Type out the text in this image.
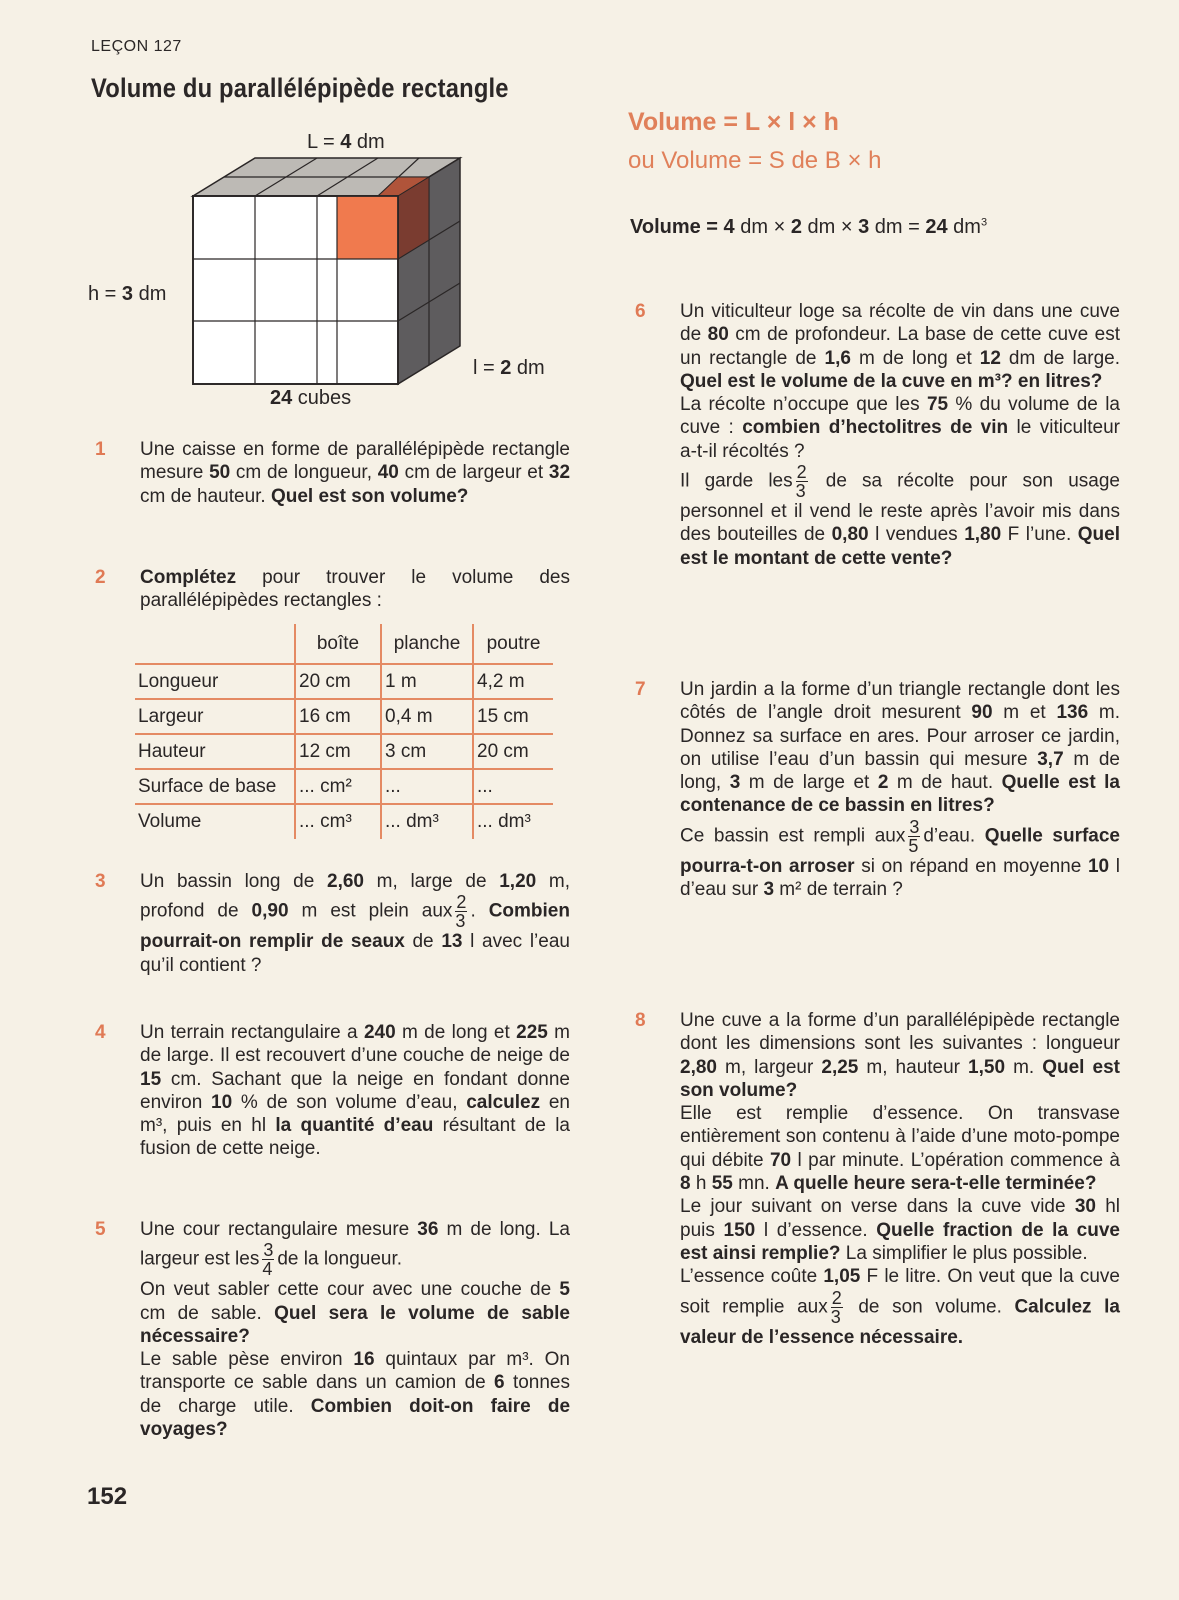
LEÇON 127
Volume du parallélépipède rectangle
L = 4 dm
h = 3 dm
l = 2 dm
24 cubes
Volume = L × l × h
ou Volume = S de B × h
Volume = 4 dm × 2 dm × 3 dm = 24 $dm^3$
1 Une caisse en forme de parallélépipède rectangle mesure 50 cm de longueur, 40 cm de largeur et 32 cm de hauteur. Quel est son volume?

2 Complétez pour trouver le volume des parallélépipèdes rectangles :

	boîte	planche	poutre
Longueur	20 cm	1 m	4,2 m
Largeur	16 cm	0,4 m	15 cm
Hauteur	12 cm	3 cm	20 cm
Surface de base	... cm²	...	...
Volume	... cm³	... dm³	... dm³
3 Un bassin long de 2,60 m, large de 1,20 m, profond de 0,90 m est plein aux $\frac{2}{3}$ . Combien pourrait-on remplir de seaux de 13 l avec l’eau qu’il contient ?

4 Un terrain rectangulaire a 240 m de long et 225 m de large. Il est recouvert d’une couche de neige de 15 cm. Sachant que la neige en fondant donne environ 10 % de son volume d’eau, calculez en m³, puis en hl la quantité d’eau résultant de la fusion de cette neige.

5 Une cour rectangulaire mesure 36 m de long. La largeur est les $\frac{3}{4}$ de la longueur.

On veut sabler cette cour avec une couche de 5 cm de sable. Quel sera le volume de sable nécessaire?

Le sable pèse environ 16 quintaux par m³. On transporte ce sable dans un camion de 6 tonnes de charge utile. Combien doit-on faire de voyages?

6 Un viticulteur loge sa récolte de vin dans une cuve de 80 cm de profondeur. La base de cette cuve est un rectangle de 1,6 m de long et 12 dm de large. Quel est le volume de la cuve en m³? en litres?

La récolte n’occupe que les 75 % du volume de la cuve : combien d’hectolitres de vin le viticulteur a-t-il récoltés ?

Il garde les $\frac{2}{3}$ de sa récolte pour son usage personnel et il vend le reste après l’avoir mis dans des bouteilles de 0,80 l vendues 1,80 F l’une. Quel est le montant de cette vente?

7 Un jardin a la forme d’un triangle rectangle dont les côtés de l’angle droit mesurent 90 m et 136 m. Donnez sa surface en ares. Pour arroser ce jardin, on utilise l’eau d’un bassin qui mesure 3,7 m de long, 3 m de large et 2 m de haut. Quelle est la contenance de ce bassin en litres?

Ce bassin est rempli aux $\frac{3}{5}$ d’eau. Quelle surface pourra-t-on arroser si on répand en moyenne 10 l d’eau sur 3 m² de terrain ?

8 Une cuve a la forme d’un parallélépipède rectangle dont les dimensions sont les suivantes : longueur 2,80 m, largeur 2,25 m, hauteur 1,50 m. Quel est son volume?

Elle est remplie d’essence. On transvase entièrement son contenu à l’aide d’une moto-pompe qui débite 70 l par minute. L’opération commence à 8 h 55 mn. A quelle heure sera-t-elle terminée?

Le jour suivant on verse dans la cuve vide 30 hl puis 150 l d’essence. Quelle fraction de la cuve est ainsi remplie? La simplifier le plus possible.

L’essence coûte 1,05 F le litre. On veut que la cuve soit remplie aux $\frac{2}{3}$ de son volume. Calculez la valeur de l’essence nécessaire.

152
